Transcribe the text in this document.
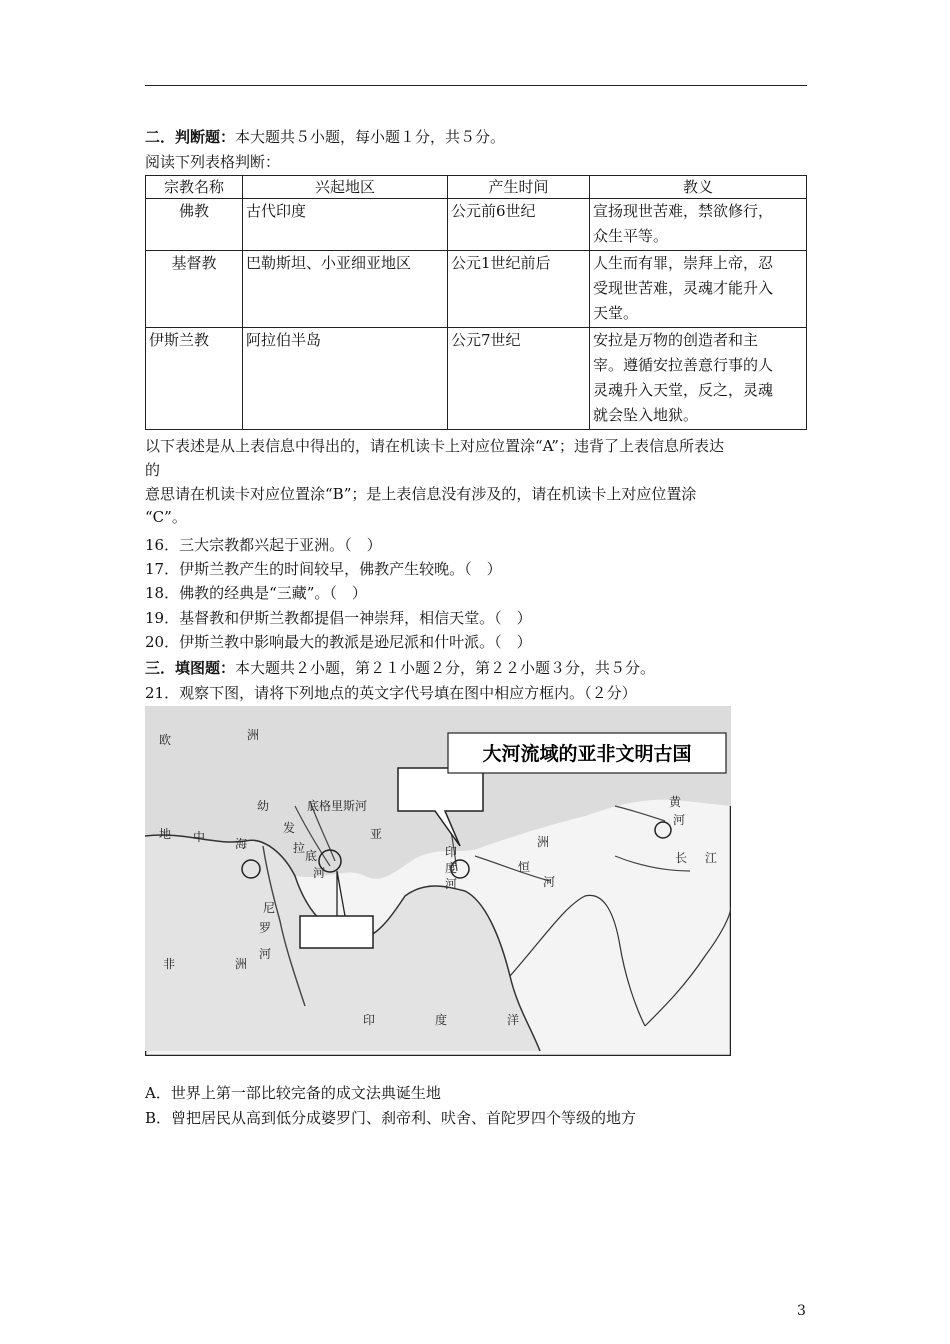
二．判断题：本大题共５小题，每小题１分，共５分。
阅读下列表格判断：
宗教名称	兴起地区	产生时间	教义
佛教	古代印度	公元前6世纪	宣扬现世苦难，禁欲修行，
众生平等。

基督教	巴勒斯坦、小亚细亚地区	公元1世纪前后	人生而有罪，崇拜上帝，忍
受现世苦难，灵魂才能升入
天堂。

伊斯兰教	阿拉伯半岛	公元7世纪	安拉是万物的创造者和主
宰。遵循安拉善意行事的人
灵魂升入天堂，反之，灵魂
就会坠入地狱。
以下表述是从上表信息中得出的，请在机读卡上对应位置涂“A”；违背了上表信息所表达
的
意思请在机读卡对应位置涂“B”；是上表信息没有涉及的，请在机读卡上对应位置涂
“C”。
16．三大宗教都兴起于亚洲。（　）
17．伊斯兰教产生的时间较早，佛教产生较晚。（　）
18．佛教的经典是“三藏”。（　）
19．基督教和伊斯兰教都提倡一神崇拜，相信天堂。（　）
20．伊斯兰教中影响最大的教派是逊尼派和什叶派。（　）
三．填图题：本大题共２小题，第２１小题２分，第２２小题３分，共５分。
21．观察下图，请将下列地点的英文字代号填在图中相应方框内。（２分）
大河流域的亚非文明古国
欧	洲
地 中 海
幼
发
拉
底格里斯河
亚
洲
底
河
尼
罗
河
非	洲
印
度
河
恒
河
印	度	洋
黄
河
长 江
A．世界上第一部比较完备的成文法典诞生地
B．曾把居民从高到低分成婆罗门、刹帝利、吠舍、首陀罗四个等级的地方
3
